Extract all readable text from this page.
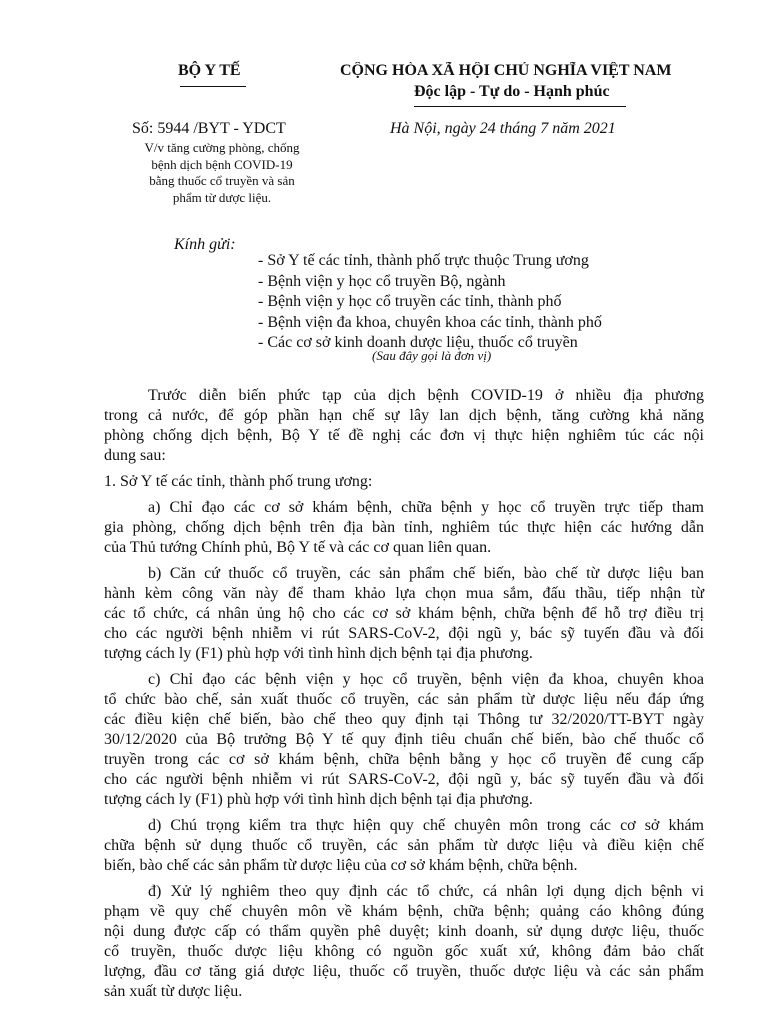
BỘ Y TẾ	CỘNG HÒA XÃ HỘI CHỦ NGHĨA VIỆT NAM
Độc lập - Tự do - Hạnh phúc
Số: 5944 /BYT - YDCT	Hà Nội, ngày 24 tháng 7 năm 2021
V/v tăng cường phòng, chống
bệnh dịch bệnh COVID-19
bằng thuốc cổ truyền và sản
phẩm từ dược liệu.
Kính gửi:
- Sở Y tế các tỉnh, thành phố trực thuộc Trung ương
- Bệnh viện y học cổ truyền Bộ, ngành
- Bệnh viện y học cổ truyền các tỉnh, thành phố
- Bệnh viện đa khoa, chuyên khoa các tỉnh, thành phố
- Các cơ sở kinh doanh dược liệu, thuốc cổ truyền
(Sau đây gọi là đơn vị)
Trước diễn biến phức tạp của dịch bệnh COVID-19 ở nhiều địa phương
trong cả nước, để góp phần hạn chế sự lây lan dịch bệnh, tăng cường khả năng
phòng chống dịch bệnh, Bộ Y tế đề nghị các đơn vị thực hiện nghiêm túc các nội
dung sau:
1. Sở Y tế các tỉnh, thành phố trung ương:
a) Chỉ đạo các cơ sở khám bệnh, chữa bệnh y học cổ truyền trực tiếp tham
gia phòng, chống dịch bệnh trên địa bàn tỉnh, nghiêm túc thực hiện các hướng dẫn
của Thủ tướng Chính phủ, Bộ Y tế và các cơ quan liên quan.
b) Căn cứ thuốc cổ truyền, các sản phẩm chế biến, bào chế từ dược liệu ban
hành kèm công văn này để tham khảo lựa chọn mua sắm, đấu thầu, tiếp nhận từ
các tổ chức, cá nhân ủng hộ cho các cơ sở khám bệnh, chữa bệnh để hỗ trợ điều trị
cho các người bệnh nhiễm vi rút SARS-CoV-2, đội ngũ y, bác sỹ tuyến đầu và đối
tượng cách ly (F1) phù hợp với tình hình dịch bệnh tại địa phương.
c) Chỉ đạo các bệnh viện y học cổ truyền, bệnh viện đa khoa, chuyên khoa
tổ chức bào chế, sản xuất thuốc cổ truyền, các sản phẩm từ dược liệu nếu đáp ứng
các điều kiện chế biến, bào chế theo quy định tại Thông tư 32/2020/TT-BYT ngày
30/12/2020 của Bộ trưởng Bộ Y tế quy định tiêu chuẩn chế biến, bào chế thuốc cổ
truyền trong các cơ sở khám bệnh, chữa bệnh bằng y học cổ truyền để cung cấp
cho các người bệnh nhiễm vi rút SARS-CoV-2, đội ngũ y, bác sỹ tuyến đầu và đối
tượng cách ly (F1) phù hợp với tình hình dịch bệnh tại địa phương.
d) Chú trọng kiểm tra thực hiện quy chế chuyên môn trong các cơ sở khám
chữa bệnh sử dụng thuốc cổ truyền, các sản phẩm từ dược liệu và điều kiện chế
biến, bào chế các sản phẩm từ dược liệu của cơ sở khám bệnh, chữa bệnh.
đ) Xử lý nghiêm theo quy định các tổ chức, cá nhân lợi dụng dịch bệnh vi
phạm về quy chế chuyên môn về khám bệnh, chữa bệnh; quảng cáo không đúng
nội dung được cấp có thẩm quyền phê duyệt; kinh doanh, sử dụng dược liệu, thuốc
cổ truyền, thuốc dược liệu không có nguồn gốc xuất xứ, không đảm bảo chất
lượng, đầu cơ tăng giá dược liệu, thuốc cổ truyền, thuốc dược liệu và các sản phẩm
sản xuất từ dược liệu.
